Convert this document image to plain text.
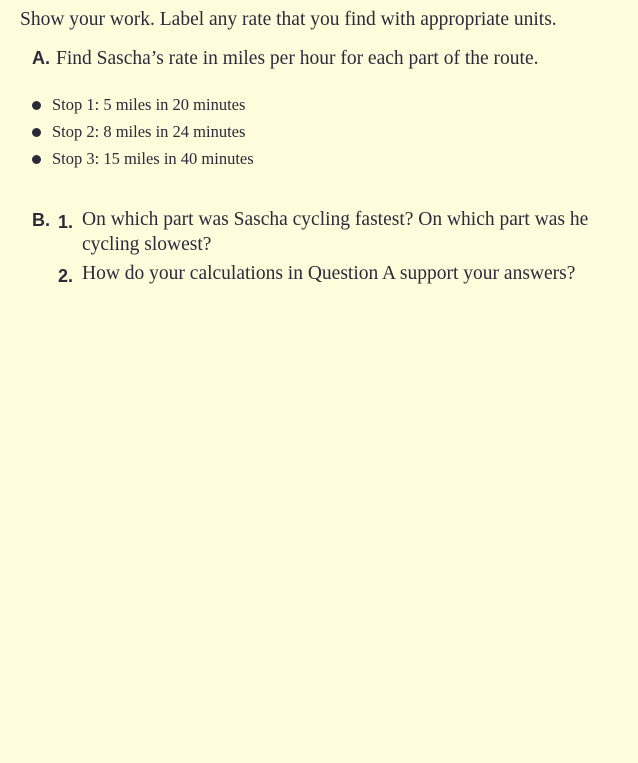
Show your work. Label any rate that you find with appropriate units.
A. Find Sascha’s rate in miles per hour for each part of the route.
Stop 1: 5 miles in 20 minutes
Stop 2: 8 miles in 24 minutes
Stop 3: 15 miles in 40 minutes
B. 1. On which part was Sascha cycling fastest? On which part was he cycling slowest?
2. How do your calculations in Question A support your answers?
